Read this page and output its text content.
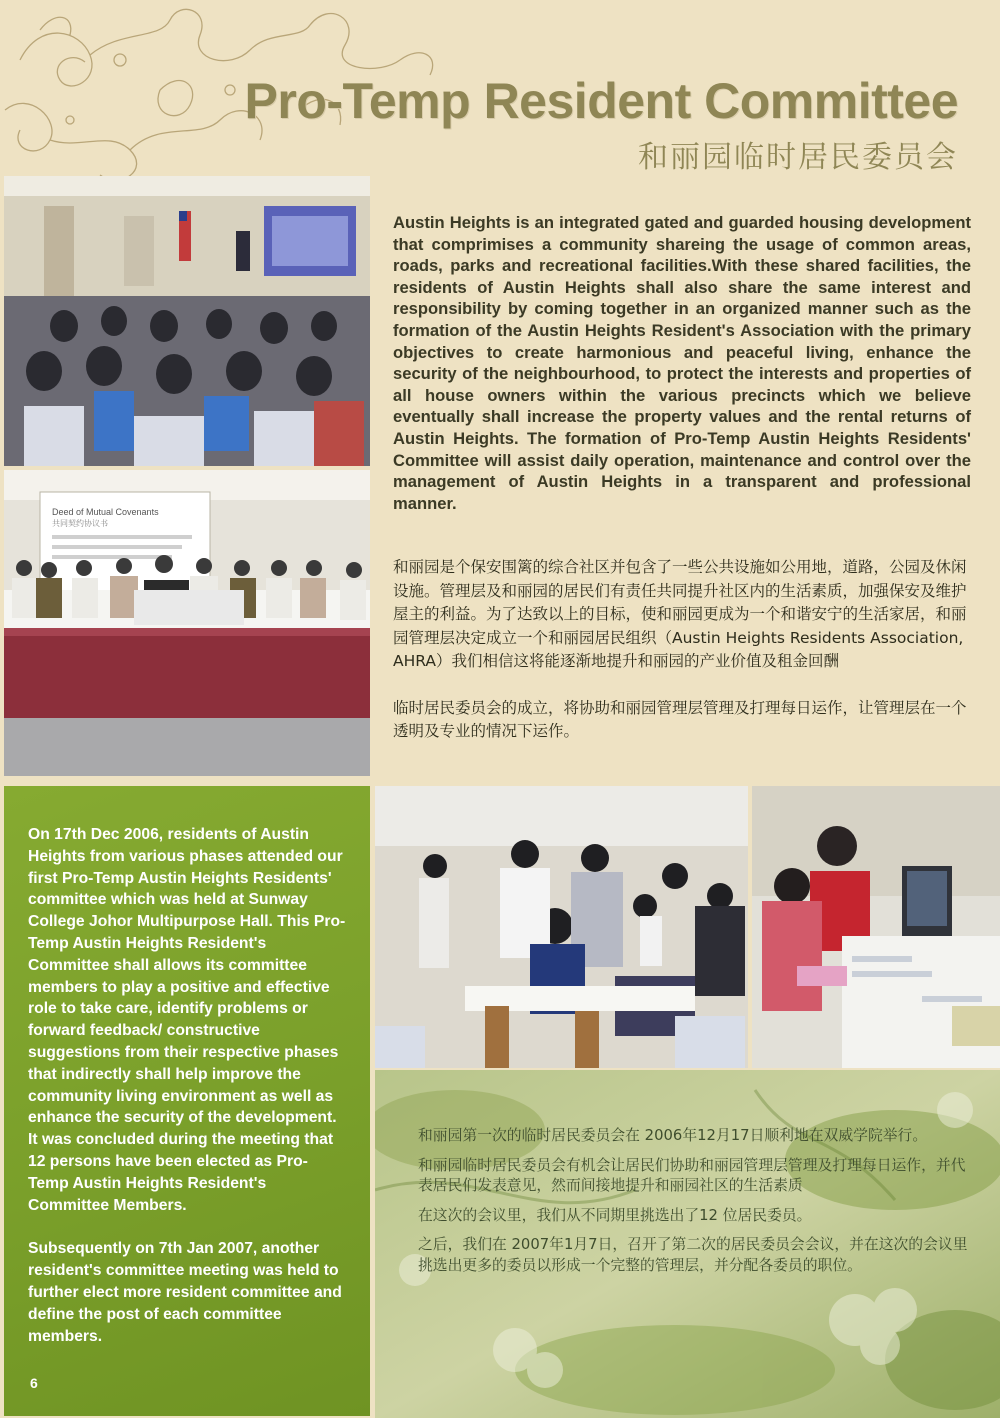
Pro-Temp Resident Committee
和丽园临时居民委员会
Deed of Mutual Covenants
共同契约协议书

Austin Heights is an integrated gated and guarded housing development that comprimises a community shareing the usage of common areas, roads, parks and recreational facilities.With these shared facilities, the residents of Austin Heights shall also share the same interest and responsibility by coming together in an organized manner such as the formation of the Austin Heights Resident's Association with the primary objectives to create harmonious and peaceful living, enhance the security of the neighbourhood, to protect the interests and properties of all house owners within the various precincts which we believe eventually shall increase the property values and the rental returns of Austin Heights. The formation of Pro-Temp Austin Heights Residents' Committee will assist daily operation, maintenance and control over the management of Austin Heights in a transparent and professional manner.

和丽园是个保安围篱的综合社区并包含了一些公共设施如公用地，道路，公园及休闲设施。管理层及和丽园的居民们有责任共同提升社区内的生活素质，加强保安及维护屋主的利益。为了达致以上的目标，使和丽园更成为一个和谐安宁的生活家居，和丽园管理层决定成立一个和丽园居民组织（Austin Heights Residents Association, AHRA）我们相信这将能逐渐地提升和丽园的产业价值及租金回酬

临时居民委员会的成立，将协助和丽园管理层管理及打理每日运作，让管理层在一个透明及专业的情况下运作。

On 17th Dec 2006, residents of Austin Heights from various phases attended our first Pro-Temp Austin Heights Residents' committee which was held at Sunway College Johor Multipurpose Hall. This Pro-Temp Austin Heights Resident's Committee shall allows its committee members to play a positive and effective role to take care, identify problems or forward feedback/ constructive suggestions from their respective phases that indirectly shall help improve the community living environment as well as enhance the security of the development. It was concluded during the meeting that 12 persons have been elected as Pro-Temp Austin Heights Resident's Committee Members.

Subsequently on 7th Jan 2007, another resident's committee meeting was held to further elect more resident committee and define the post of each committee members.

6

和丽园第一次的临时居民委员会在 2006年12月17日顺利地在双威学院举行。

和丽园临时居民委员会有机会让居民们协助和丽园管理层管理及打理每日运作，并代表居民们发表意见，然而间接地提升和丽园社区的生活素质

在这次的会议里，我们从不同期里挑选出了12 位居民委员。

之后，我们在 2007年1月7日，召开了第二次的居民委员会会议，并在这次的会议里挑选出更多的委员以形成一个完整的管理层，并分配各委员的职位。
